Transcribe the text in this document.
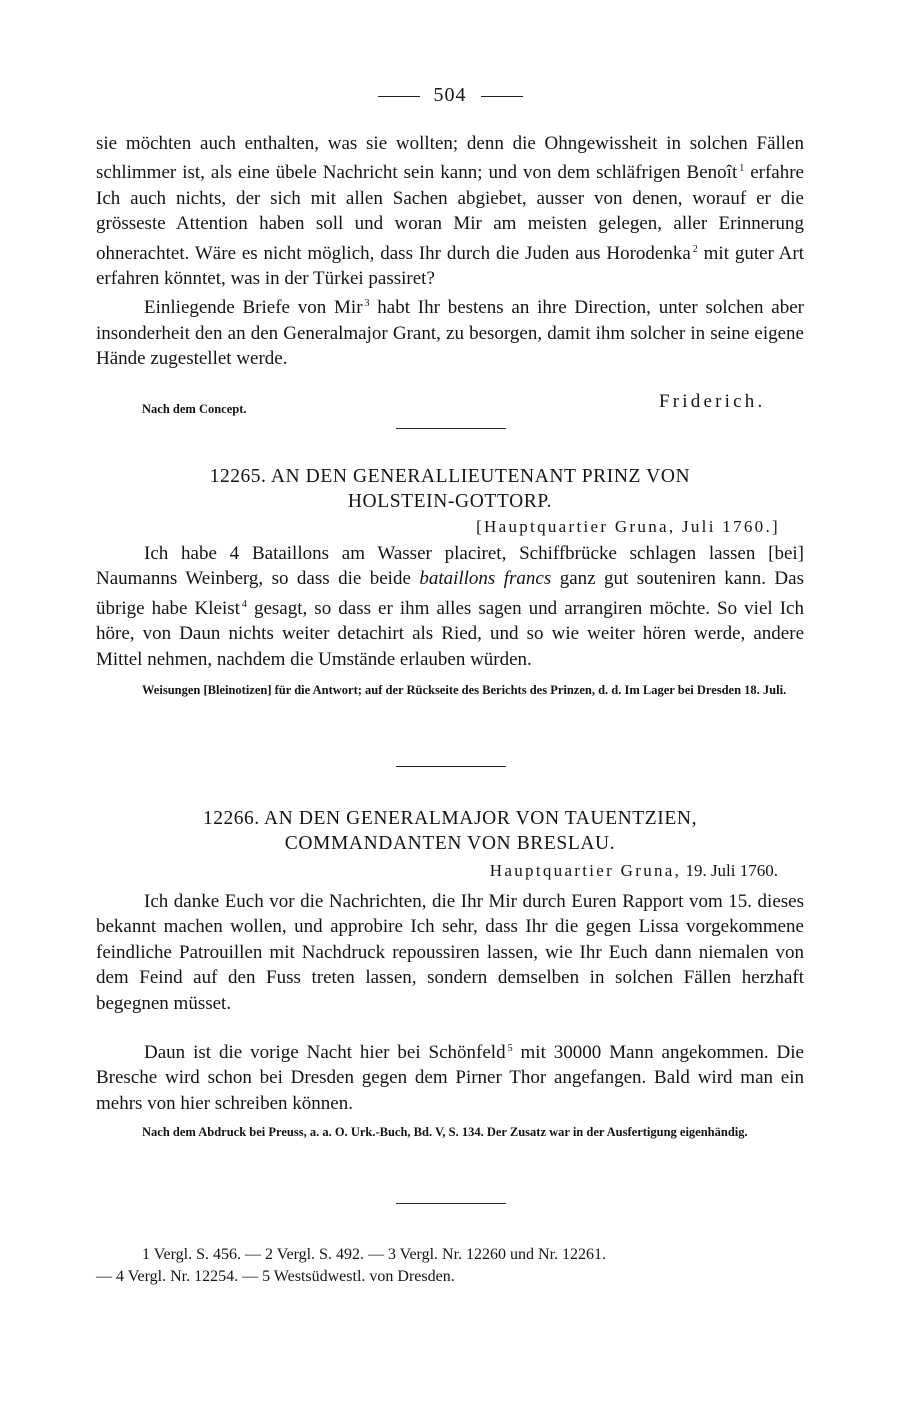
504

sie möchten auch enthalten, was sie wollten; denn die Ohngewissheit in solchen Fällen schlimmer ist, als eine übele Nachricht sein kann; und von dem schläfrigen Benoît $^1$ erfahre Ich auch nichts, der sich mit allen Sachen abgiebet, ausser von denen, worauf er die grösseste Attention haben soll und woran Mir am meisten gelegen, aller Erinnerung ohnerachtet. Wäre es nicht möglich, dass Ihr durch die Juden aus Horodenka $^2$ mit guter Art erfahren könntet, was in der Türkei passiret?

Einliegende Briefe von Mir $^3$ habt Ihr bestens an ihre Direction, unter solchen aber insonderheit den an den Generalmajor Grant, zu besorgen, damit ihm solcher in seine eigene Hände zugestellet werde.

Nach dem Concept.	Friderich.

12265. AN DEN GENERALLIEUTENANT PRINZ VON

HOLSTEIN-GOTTORP.

[Hauptquartier Gruna, Juli 1760.]

Ich habe 4 Bataillons am Wasser placiret, Schiffbrücke schlagen lassen [bei] Naumanns Weinberg, so dass die beide bataillons francs ganz gut souteniren kann. Das übrige habe Kleist $^4$ gesagt, so dass er ihm alles sagen und arrangiren möchte. So viel Ich höre, von Daun nichts weiter detachirt als Ried, und so wie weiter hören werde, andere Mittel nehmen, nachdem die Umstände erlauben würden.

Weisungen [Bleinotizen] für die Antwort; auf der Rückseite des Berichts des Prinzen, d. d. Im Lager bei Dresden 18. Juli.

12266. AN DEN GENERALMAJOR VON TAUENTZIEN,

COMMANDANTEN VON BRESLAU.

Hauptquartier Gruna, 19. Juli 1760.

Ich danke Euch vor die Nachrichten, die Ihr Mir durch Euren Rapport vom 15. dieses bekannt machen wollen, und approbire Ich sehr, dass Ihr die gegen Lissa vorgekommene feindliche Patrouillen mit Nachdruck repoussiren lassen, wie Ihr Euch dann niemalen von dem Feind auf den Fuss treten lassen, sondern demselben in solchen Fällen herzhaft begegnen müsset.

Daun ist die vorige Nacht hier bei Schönfeld $^5$ mit 30000 Mann angekommen. Die Bresche wird schon bei Dresden gegen dem Pirner Thor angefangen. Bald wird man ein mehrs von hier schreiben können.

Nach dem Abdruck bei Preuss, a. a. O. Urk.-Buch, Bd. V, S. 134. Der Zusatz war in der Ausfertigung eigenhändig.

1 Vergl. S. 456. — 2 Vergl. S. 492. — 3 Vergl. Nr. 12260 und Nr. 12261.

— 4 Vergl. Nr. 12254. — 5 Westsüdwestl. von Dresden.
